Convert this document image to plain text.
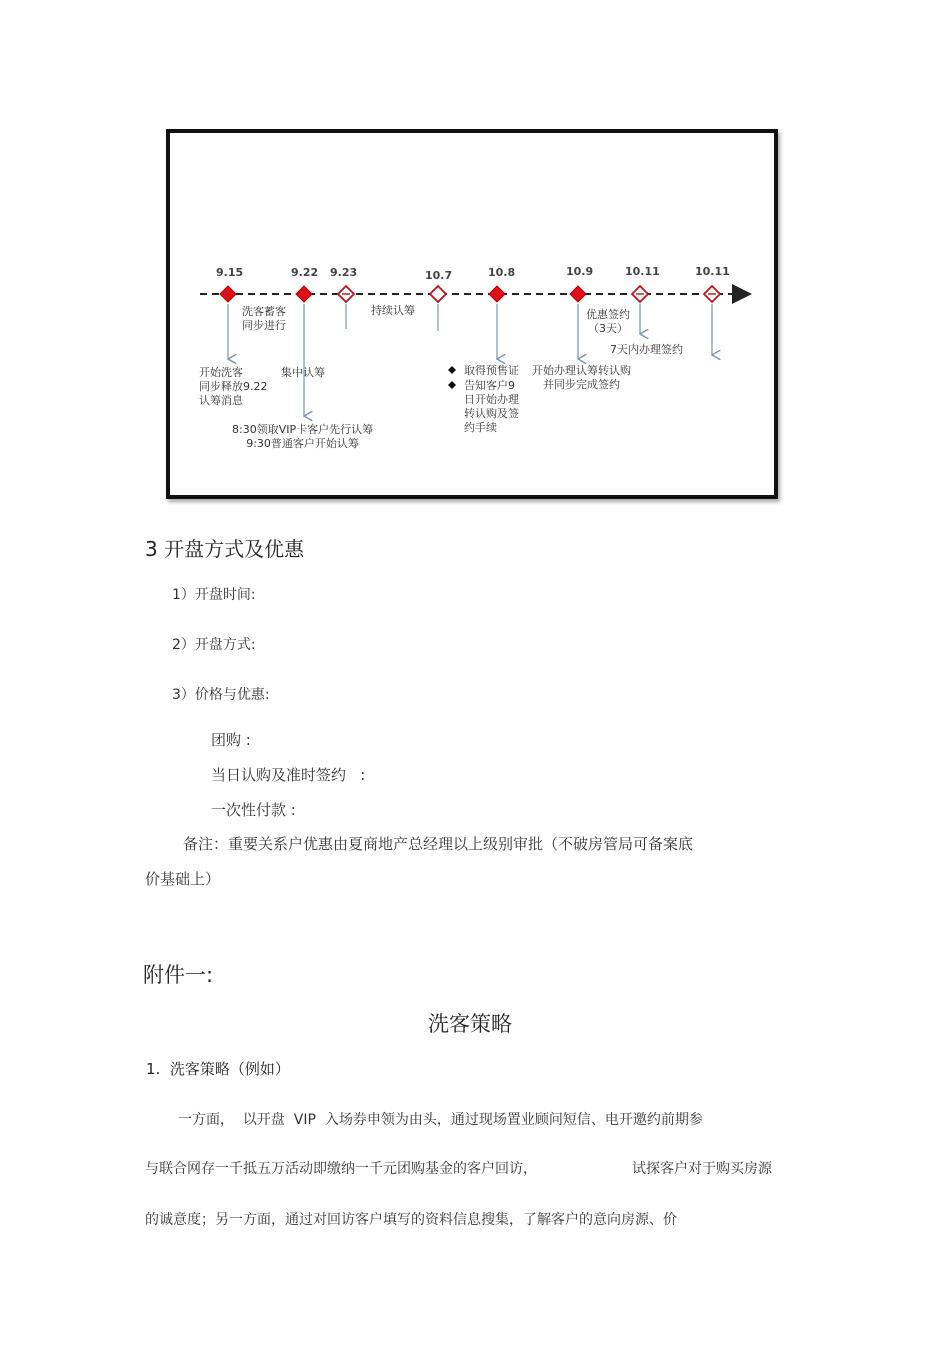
9.15	9.22 9.23	10.7	10.8	10.9	10.11	10.11
洗客蓄客
同步进行
开始洗客
同步释放9.22
认筹消息
集中认筹
8:30领取VIP卡客户先行认筹
9:30普通客户开始认筹
持续认筹
取得预售证
告知客户9
日开始办理
转认购及签
约手续
开始办理认筹转认购
并同步完成签约
优惠签约
（3天）
7天内办理签约
3 开盘方式及优惠
1）开盘时间:
2）开盘方式:
3）价格与优惠:
团购 :
当日认购及准时签约   :
一次性付款 :
备注：重要关系户优惠由夏商地产总经理以上级别审批（不破房管局可备案底
价基础上）
附件一:
洗客策略
1.  洗客策略（例如）
一方面，  以开盘  VIP  入场券申领为由头，通过现场置业顾问短信、电开邀约前期参
与联合网存一千抵五万活动即缴纳一千元团购基金的客户回访，	试探客户对于购买房源
的诚意度；另一方面，通过对回访客户填写的资料信息搜集，了解客户的意向房源、价
